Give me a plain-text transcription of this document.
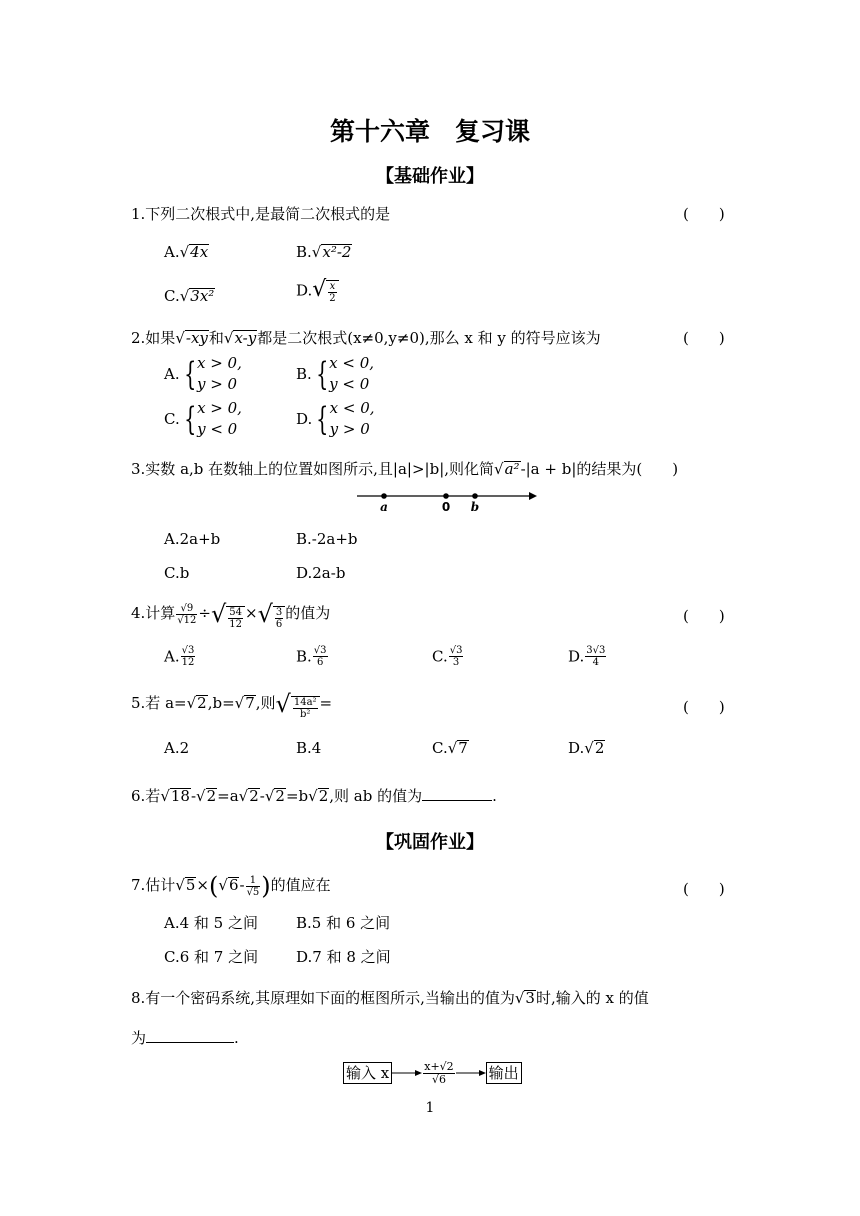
第十六章　复习课
【基础作业】
1.下列二次根式中,是最简二次根式的是	(　　)
A.√4x	B.√x²-2
C.√3x²	$D.√ \frac{x}{2}$
2.如果√-xy和√x-y都是二次根式(x≠0,y≠0),那么 x 和 y 的符号应该为	(　　)
A. { x > 0,
y > 0
B. { x < 0,
y < 0
C. { x > 0,
y < 0
D. { x < 0,
y > 0
3.实数 a,b 在数轴上的位置如图所示,且|a|>|b|,则化简√a²-|a + b|的结果为(　　)
a	0 b
A.2a+b	B.-2a+b
C.b	D.2a-b
4.计算 $\frac{√9}{√12}$ ÷√ $\frac{54}{12}$ ×√ $\frac{3}{6}$ 的值为	(　　)
A. $\frac{√3}{12}$	B. $\frac{√3}{6}$	C. $\frac{√3}{3}$	D. $\frac{3√3}{4}$
5.若 a=√2,b=√7,则√ $\frac{\text{14a²}}{\text{b²}}$ =	(　　)
A.2	B.4	C.√7	D.√2
6.若√18-√2=a√2-√2=b√2,则 ab 的值为	.
【巩固作业】
7.估计$√5\times(√6- \frac{1}{√5}$ )的值应在	(　　)
A.4 和 5 之间	B.5 和 6 之间
C.6 和 7 之间	D.7 和 8 之间
8.有一个密码系统,其原理如下面的框图所示,当输出的值为√3时,输入的 x 的值
为	.
输入 x	$\frac{x+√2}{√6}$ 输出
1
